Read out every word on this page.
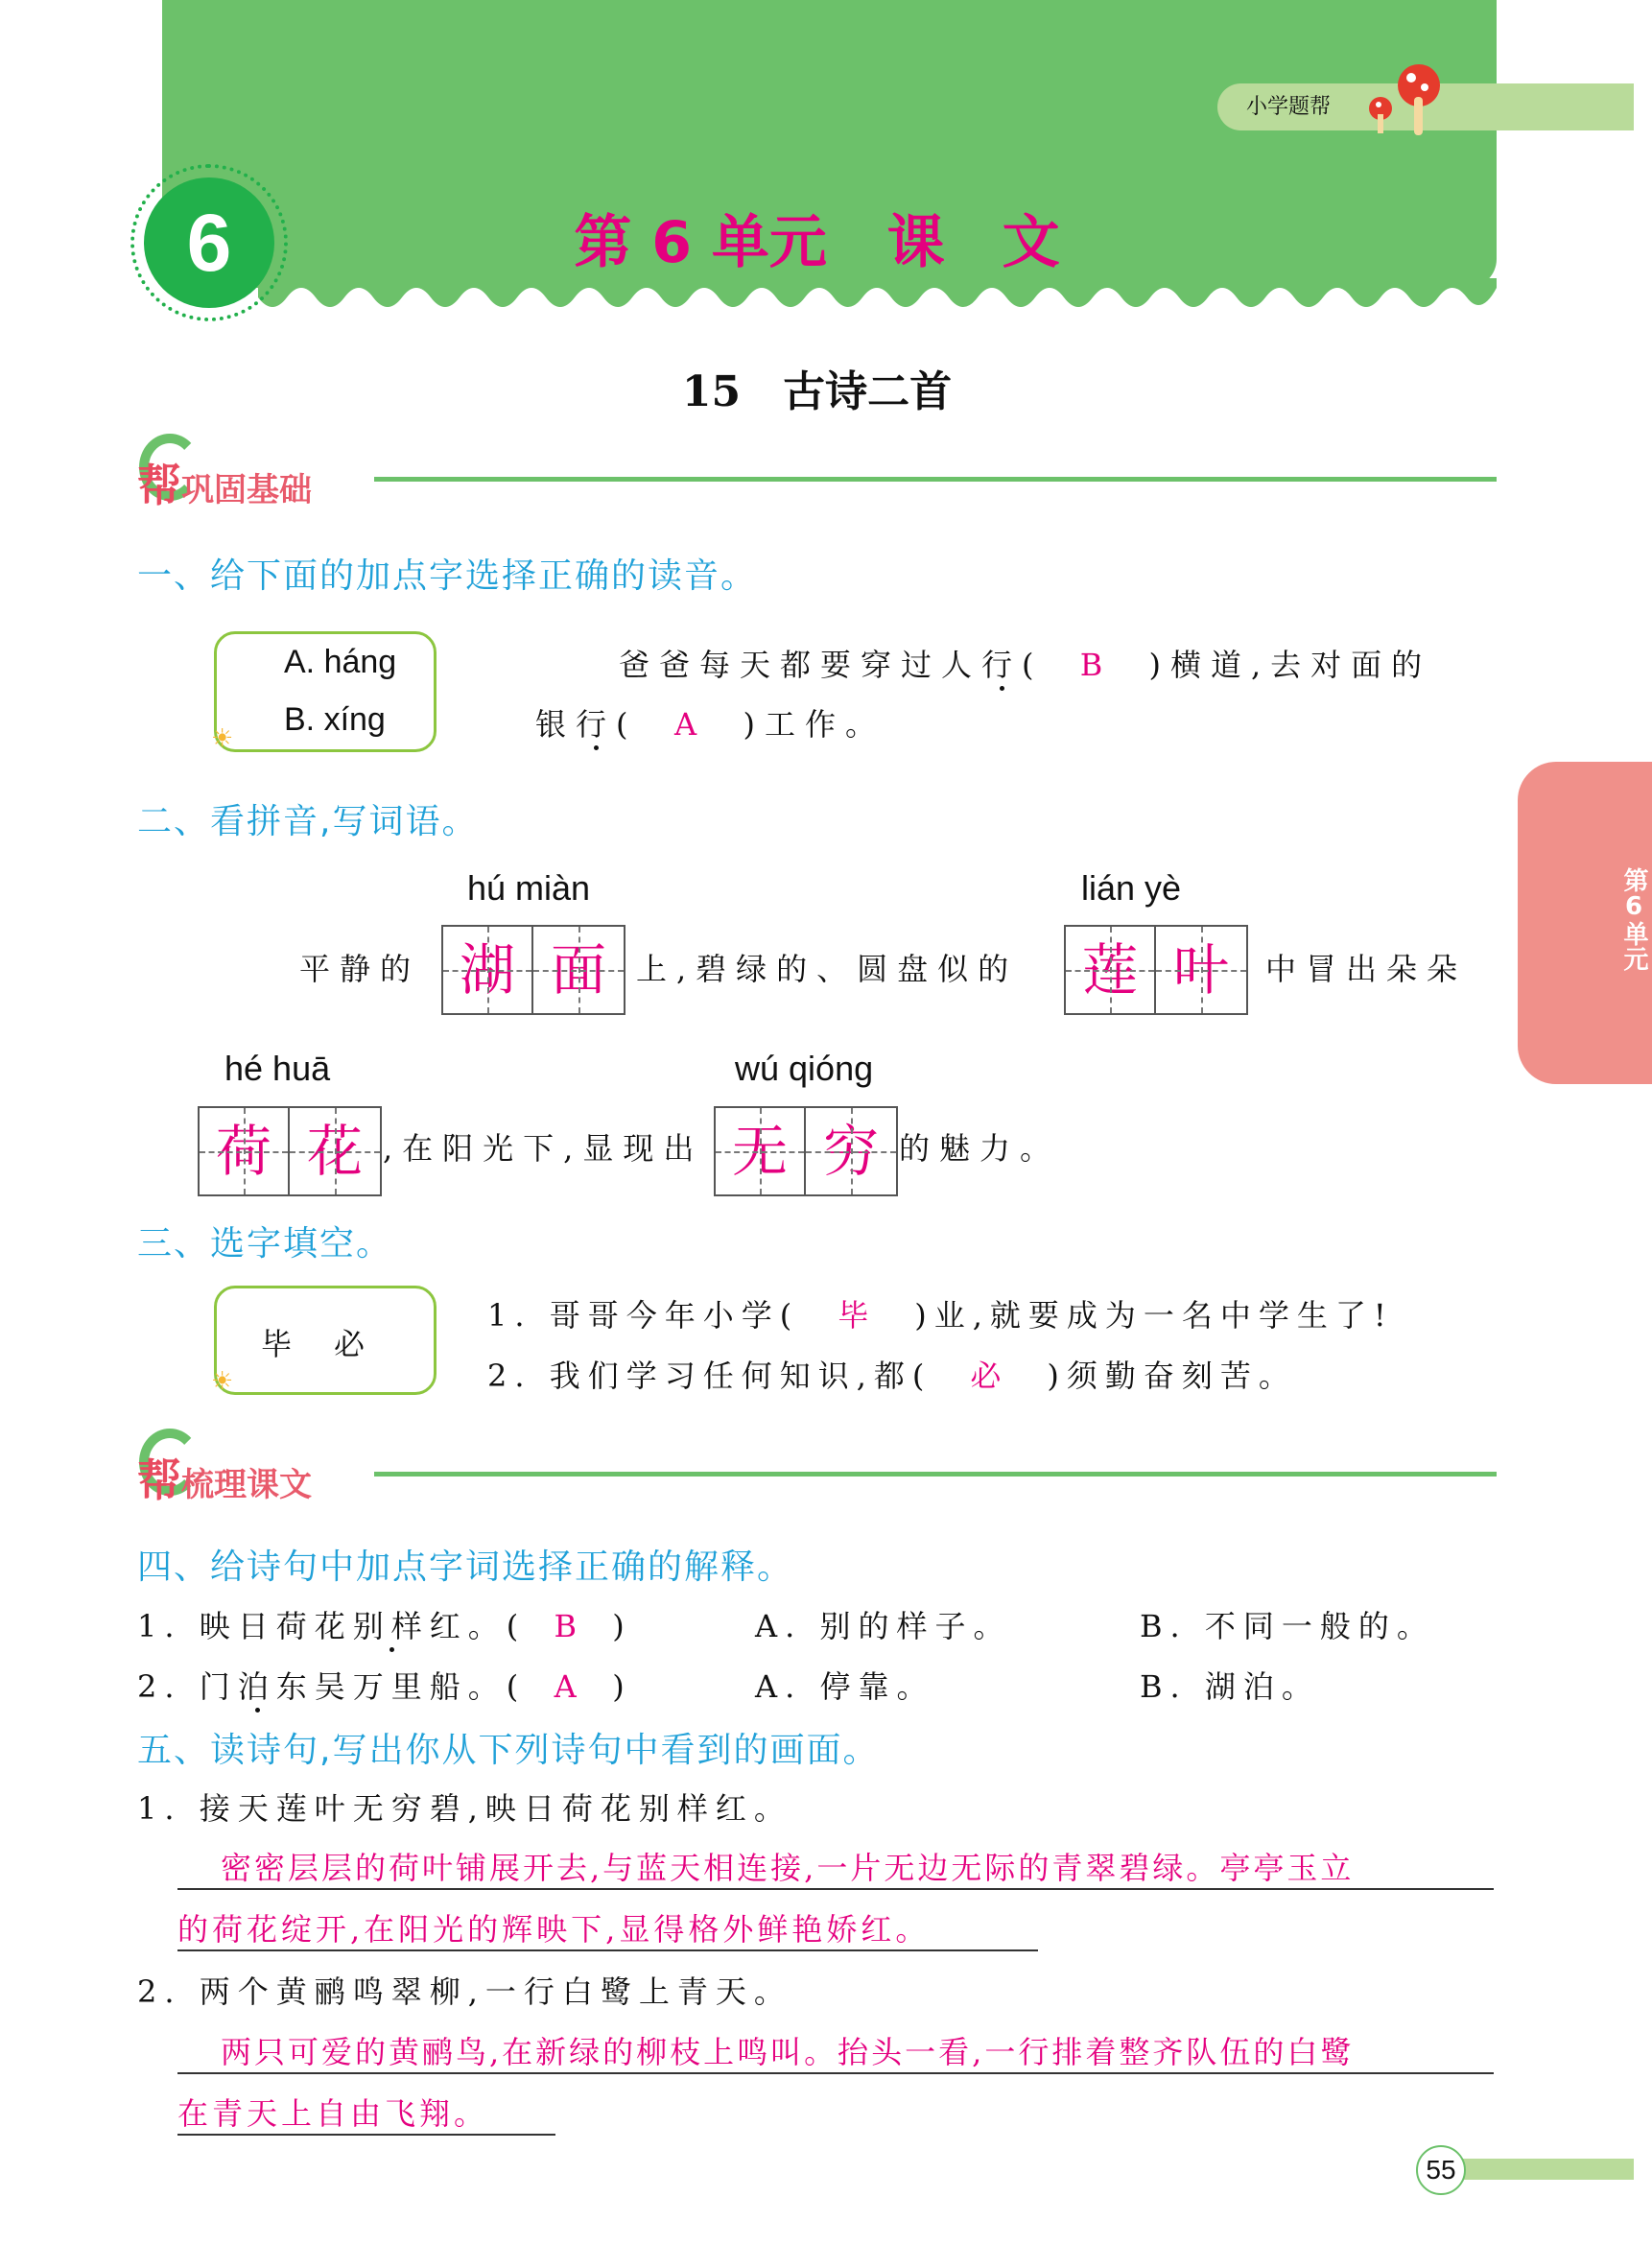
小学题帮
6	第 6 单元 课　文
15　古诗二首
帮巩固基础
一、给下面的加点字选择正确的读音。
A. háng
B. xíng
☀
爸爸每天都要穿过人行( B )横道,去对面的
银行( A )工作。
二、看拼音,写词语。
hú miàn	lián yè
平静的 湖 面 上,碧绿的、圆盘似的 莲 叶	中冒出朵朵
hé huā	wú qióng
荷 花 ,在阳光下,显现出 无 穷 的魅力。
三、选字填空。
毕　必
☀
1. 哥哥今年小学( 毕 )业,就要成为一名中学生了!
2. 我们学习任何知识,都( 必 )须勤奋刻苦。
帮梳理课文
四、给诗句中加点字词选择正确的解释。
1. 映日荷花别样红。( B )	A. 别的样子。	B. 不同一般的。
2. 门泊东吴万里船。( A )	A. 停靠。	B. 湖泊。
五、读诗句,写出你从下列诗句中看到的画面。
1. 接天莲叶无穷碧,映日荷花别样红。
密密层层的荷叶铺展开去,与蓝天相连接,一片无边无际的青翠碧绿。亭亭玉立
的荷花绽开,在阳光的辉映下,显得格外鲜艳娇红。
2. 两个黄鹂鸣翠柳,一行白鹭上青天。
两只可爱的黄鹂鸟,在新绿的柳枝上鸣叫。抬头一看,一行排着整齐队伍的白鹭
在青天上自由飞翔。
第6单元
55
